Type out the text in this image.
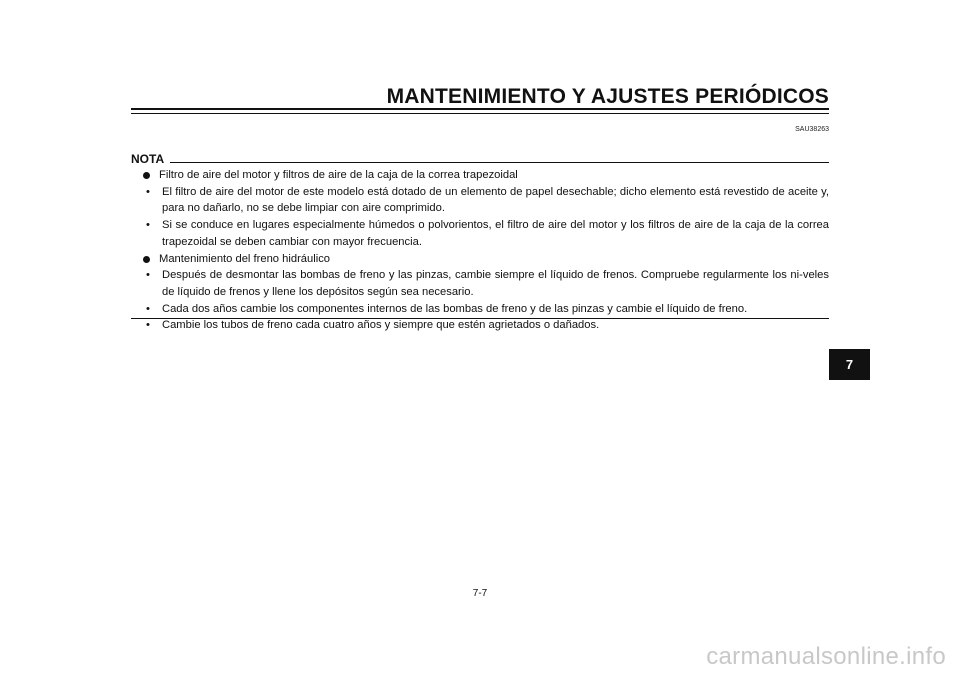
MANTENIMIENTO Y AJUSTES PERIÓDICOS
SAU38263
NOTA
Filtro de aire del motor y filtros de aire de la caja de la correa trapezoidal
• El filtro de aire del motor de este modelo está dotado de un elemento de papel desechable; dicho elemento está revestido de aceite y, para no dañarlo, no se debe limpiar con aire comprimido.
• Si se conduce en lugares especialmente húmedos o polvorientos, el filtro de aire del motor y los filtros de aire de la caja de la correa trapezoidal se deben cambiar con mayor frecuencia.
Mantenimiento del freno hidráulico
• Después de desmontar las bombas de freno y las pinzas, cambie siempre el líquido de frenos. Compruebe regularmente los ni-veles de líquido de frenos y llene los depósitos según sea necesario.
• Cada dos años cambie los componentes internos de las bombas de freno y de las pinzas y cambie el líquido de freno.
• Cambie los tubos de freno cada cuatro años y siempre que estén agrietados o dañados.
7
7-7
carmanualsonline.info
